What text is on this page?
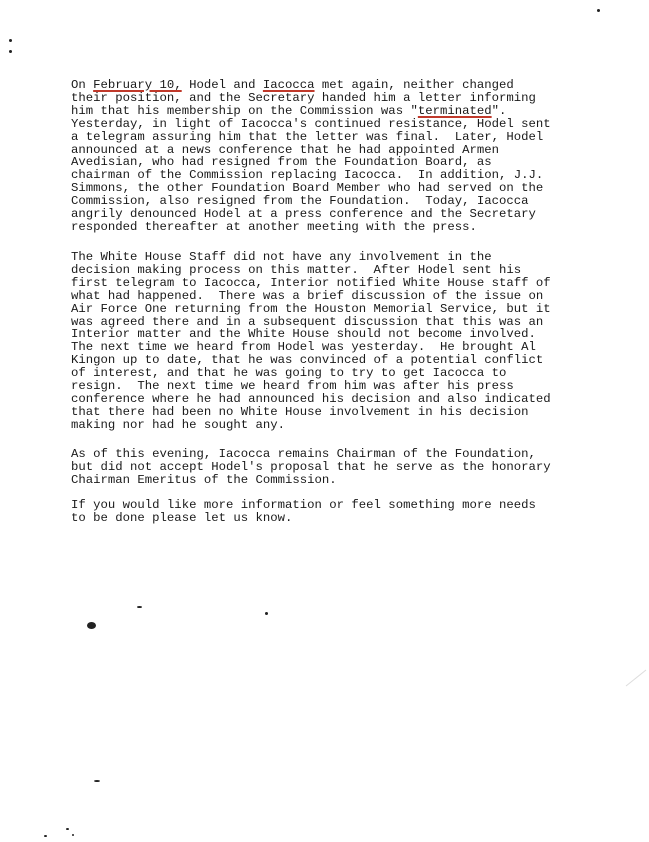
On February 10, Hodel and Iacocca met again, neither changed
their position, and the Secretary handed him a letter informing
him that his membership on the Commission was "terminated".
Yesterday, in light of Iacocca's continued resistance, Hodel sent
a telegram assuring him that the letter was final.  Later, Hodel
announced at a news conference that he had appointed Armen
Avedisian, who had resigned from the Foundation Board, as
chairman of the Commission replacing Iacocca.  In addition, J.J.
Simmons, the other Foundation Board Member who had served on the
Commission, also resigned from the Foundation.  Today, Iacocca
angrily denounced Hodel at a press conference and the Secretary
responded thereafter at another meeting with the press.
The White House Staff did not have any involvement in the
decision making process on this matter.  After Hodel sent his
first telegram to Iacocca, Interior notified White House staff of
what had happened.  There was a brief discussion of the issue on
Air Force One returning from the Houston Memorial Service, but it
was agreed there and in a subsequent discussion that this was an
Interior matter and the White House should not become involved.
The next time we heard from Hodel was yesterday.  He brought Al
Kingon up to date, that he was convinced of a potential conflict
of interest, and that he was going to try to get Iacocca to
resign.  The next time we heard from him was after his press
conference where he had announced his decision and also indicated
that there had been no White House involvement in his decision
making nor had he sought any.
As of this evening, Iacocca remains Chairman of the Foundation,
but did not accept Hodel's proposal that he serve as the honorary
Chairman Emeritus of the Commission.
If you would like more information or feel something more needs
to be done please let us know.
